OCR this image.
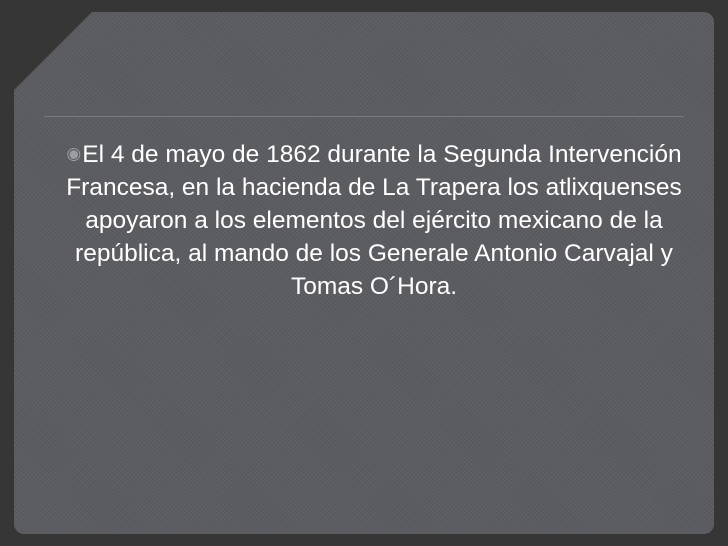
◉El 4 de mayo de 1862 durante la Segunda Intervención Francesa, en la hacienda de La Trapera los atlixquenses apoyaron a los elementos del ejército mexicano de la república, al mando de los Generale Antonio Carvajal y Tomas O´Hora.
